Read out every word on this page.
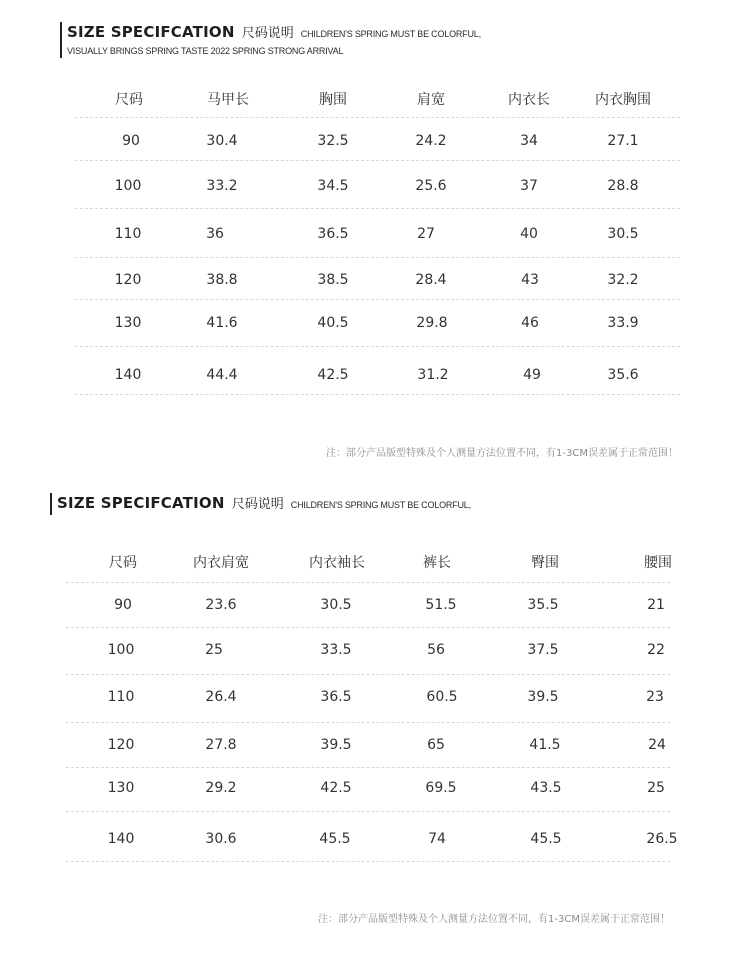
SIZE SPECIFCATION 尺码说明 CHILDREN'S SPRING MUST BE COLORFUL,
VISUALLY BRINGS SPRING TASTE 2022 SPRING STRONG ARRIVAL
尺码	马甲长	胸围	肩宽	内衣长	内衣胸围
90	30.4	32.5	24.2	34	27.1
100	33.2	34.5	25.6	37	28.8
110	36	36.5	27	40	30.5
120	38.8	38.5	28.4	43	32.2
130	41.6	40.5	29.8	46	33.9
140	44.4	42.5	31.2	49	35.6
注：部分产品版型特殊及个人测量方法位置不同，有1-3CM误差属于正常范围！
SIZE SPECIFCATION 尺码说明 CHILDREN'S SPRING MUST BE COLORFUL,
尺码	内衣肩宽	内衣袖长	裤长	臀围	腰围
90	23.6	30.5	51.5	35.5	21
100	25	33.5	56	37.5	22
110	26.4	36.5	60.5	39.5	23
120	27.8	39.5	65	41.5	24
130	29.2	42.5	69.5	43.5	25
140	30.6	45.5	74	45.5	26.5
注：部分产品版型特殊及个人测量方法位置不同，有1-3CM误差属于正常范围！
